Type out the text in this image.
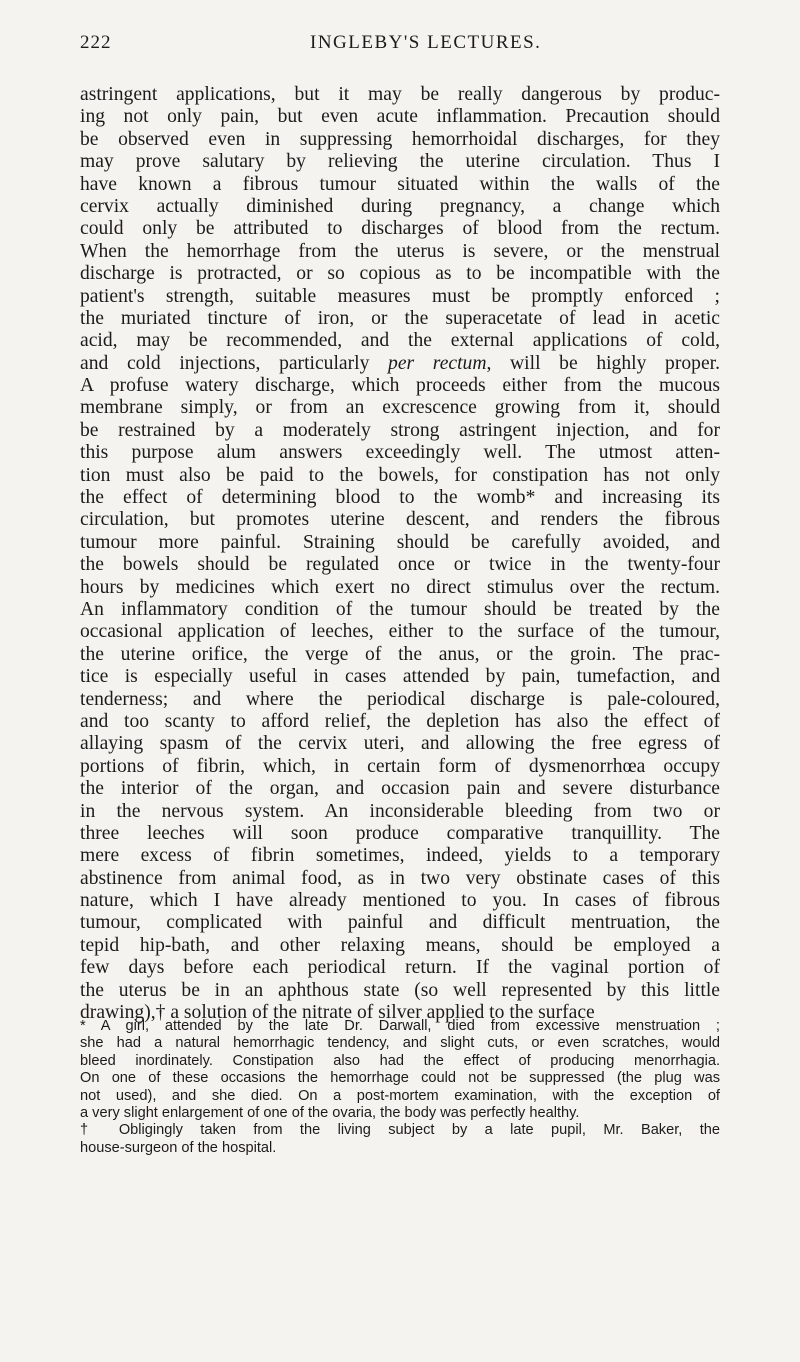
222	INGLEBY'S LECTURES.
astringent applications, but it may be really dangerous by produc-
ing not only pain, but even acute inflammation. Precaution should
be observed even in suppressing hemorrhoidal discharges, for they
may prove salutary by relieving the uterine circulation. Thus I
have known a fibrous tumour situated within the walls of the
cervix actually diminished during pregnancy, a change which
could only be attributed to discharges of blood from the rectum.
When the hemorrhage from the uterus is severe, or the menstrual
discharge is protracted, or so copious as to be incompatible with the
patient's strength, suitable measures must be promptly enforced ;
the muriated tincture of iron, or the superacetate of lead in acetic
acid, may be recommended, and the external applications of cold,
and cold injections, particularly per rectum, will be highly proper.
A profuse watery discharge, which proceeds either from the mucous
membrane simply, or from an excrescence growing from it, should
be restrained by a moderately strong astringent injection, and for
this purpose alum answers exceedingly well. The utmost atten-
tion must also be paid to the bowels, for constipation has not only
the effect of determining blood to the womb* and increasing its
circulation, but promotes uterine descent, and renders the fibrous
tumour more painful. Straining should be carefully avoided, and
the bowels should be regulated once or twice in the twenty-four
hours by medicines which exert no direct stimulus over the rectum.
An inflammatory condition of the tumour should be treated by the
occasional application of leeches, either to the surface of the tumour,
the uterine orifice, the verge of the anus, or the groin. The prac-
tice is especially useful in cases attended by pain, tumefaction, and
tenderness; and where the periodical discharge is pale-coloured,
and too scanty to afford relief, the depletion has also the effect of
allaying spasm of the cervix uteri, and allowing the free egress of
portions of fibrin, which, in certain form of dysmenorrhœa occupy
the interior of the organ, and occasion pain and severe disturbance
in the nervous system. An inconsiderable bleeding from two or
three leeches will soon produce comparative tranquillity. The
mere excess of fibrin sometimes, indeed, yields to a temporary
abstinence from animal food, as in two very obstinate cases of this
nature, which I have already mentioned to you. In cases of fibrous
tumour, complicated with painful and difficult mentruation, the
tepid hip-bath, and other relaxing means, should be employed a
few days before each periodical return. If the vaginal portion of
the uterus be in an aphthous state (so well represented by this little
drawing),† a solution of the nitrate of silver applied to the surface
* A girl, attended by the late Dr. Darwall, died from excessive menstruation ;
she had a natural hemorrhagic tendency, and slight cuts, or even scratches, would
bleed inordinately. Constipation also had the effect of producing menorrhagia.
On one of these occasions the hemorrhage could not be suppressed (the plug was
not used), and she died. On a post-mortem examination, with the exception of
a very slight enlargement of one of the ovaria, the body was perfectly healthy.
† Obligingly taken from the living subject by a late pupil, Mr. Baker, the
house-surgeon of the hospital.
